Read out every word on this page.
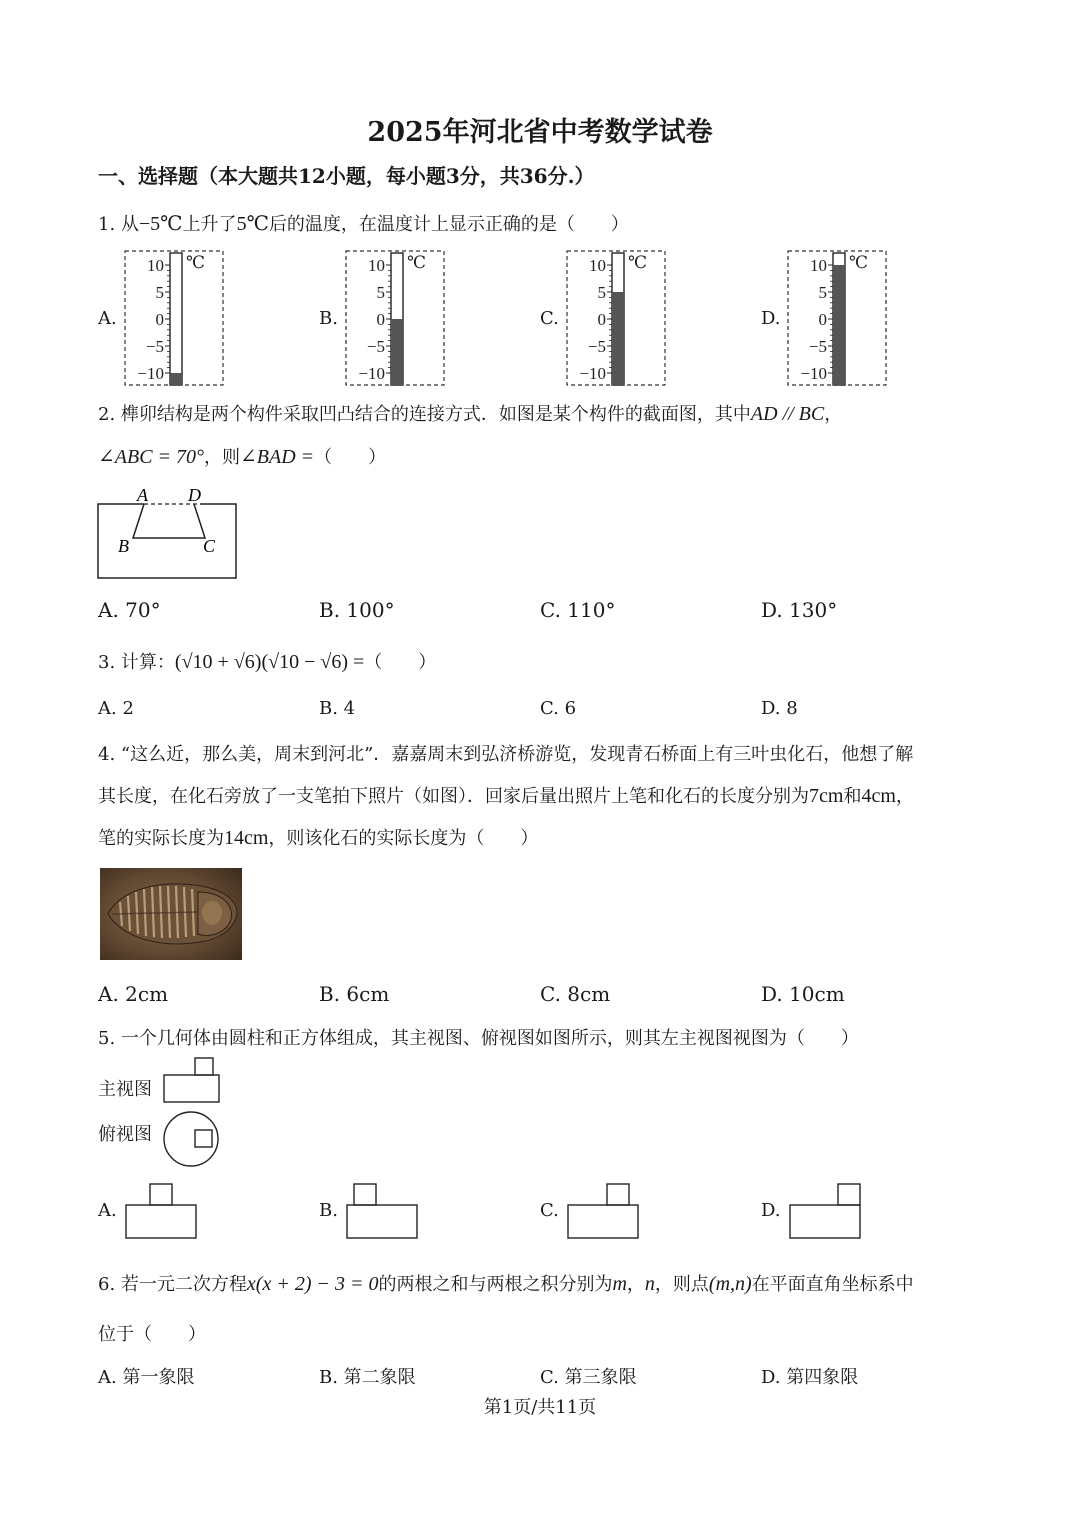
2025年河北省中考数学试卷
一、选择题（本大题共12小题，每小题3分，共36分.）
1. 从−5℃上升了5℃后的温度，在温度计上显示正确的是（　　）
A.
10
5
0
−5
−10
℃
B.
10
5
0
−5
−10
℃
C.
10
5
0
−5
−10
℃
D.
10
5
0
−5
−10
℃
2. 榫卯结构是两个构件采取凹凸结合的连接方式．如图是某个构件的截面图，其中AD // BC，
∠ABC = 70°，则∠BAD =（　　）
A D
B	C
A. 70°	B. 100°	C. 110°	D. 130°
3. 计算：(√10 + √6)(√10 − √6) =（　　）
A. 2	B. 4	C. 6	D. 8
4. “这么近，那么美，周末到河北”．嘉嘉周末到弘济桥游览，发现青石桥面上有三叶虫化石，他想了解
其长度，在化石旁放了一支笔拍下照片（如图）．回家后量出照片上笔和化石的长度分别为7cm和4cm，
笔的实际长度为14cm，则该化石的实际长度为（　　）
A. 2cm	B. 6cm	C. 8cm	D. 10cm
5. 一个几何体由圆柱和正方体组成，其主视图、俯视图如图所示，则其左主视图视图为（　　）
主视图
俯视图
A.	B.	C.	D.
6. 若一元二次方程x(x + 2) − 3 = 0的两根之和与两根之积分别为m，n，则点(m,n)在平面直角坐标系中
位于（　　）
A. 第一象限	B. 第二象限	C. 第三象限	D. 第四象限
第1页/共11页
